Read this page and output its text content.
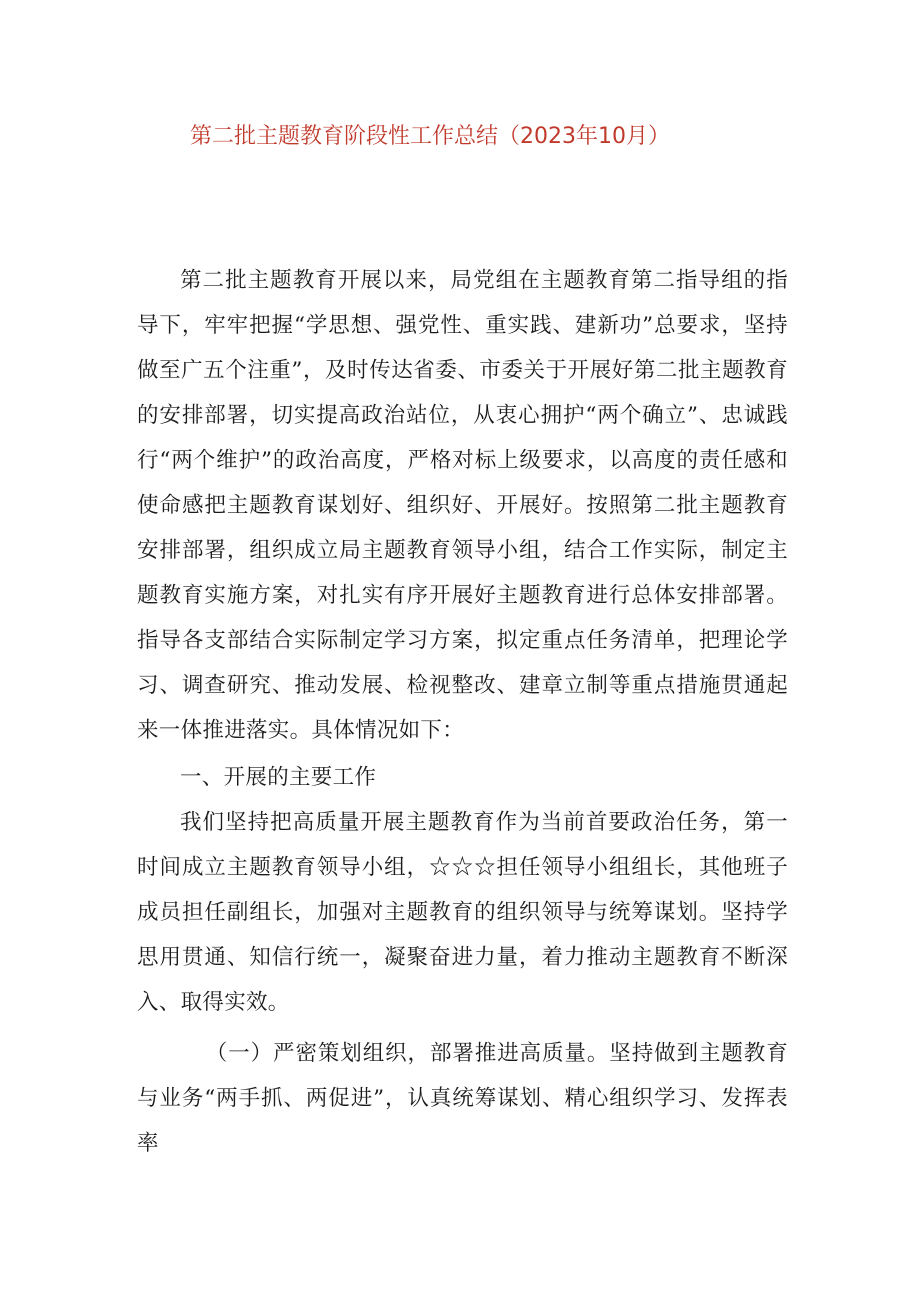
第二批主题教育阶段性工作总结（2023年10月）

第二批主题教育开展以来，局党组在主题教育第二指导组的指导下，牢牢把握“学思想、强党性、重实践、建新功”总要求，坚持做至广五个注重”，及时传达省委、市委关于开展好第二批主题教育的安排部署，切实提高政治站位，从衷心拥护“两个确立”、忠诚践行“两个维护”的政治高度，严格对标上级要求，以高度的责任感和使命感把主题教育谋划好、组织好、开展好。按照第二批主题教育安排部署，组织成立局主题教育领导小组，结合工作实际，制定主题教育实施方案，对扎实有序开展好主题教育进行总体安排部署。指导各支部结合实际制定学习方案，拟定重点任务清单，把理论学习、调查研究、推动发展、检视整改、建章立制等重点措施贯通起来一体推进落实。具体情况如下：

一、开展的主要工作

我们坚持把高质量开展主题教育作为当前首要政治任务，第一时间成立主题教育领导小组，☆☆☆担任领导小组组长，其他班子成员担任副组长，加强对主题教育的组织领导与统筹谋划。坚持学思用贯通、知信行统一，凝聚奋进力量，着力推动主题教育不断深入、取得实效。

（一）严密策划组织，部署推进高质量。坚持做到主题教育与业务“两手抓、两促进”，认真统筹谋划、精心组织学习、发挥表率
